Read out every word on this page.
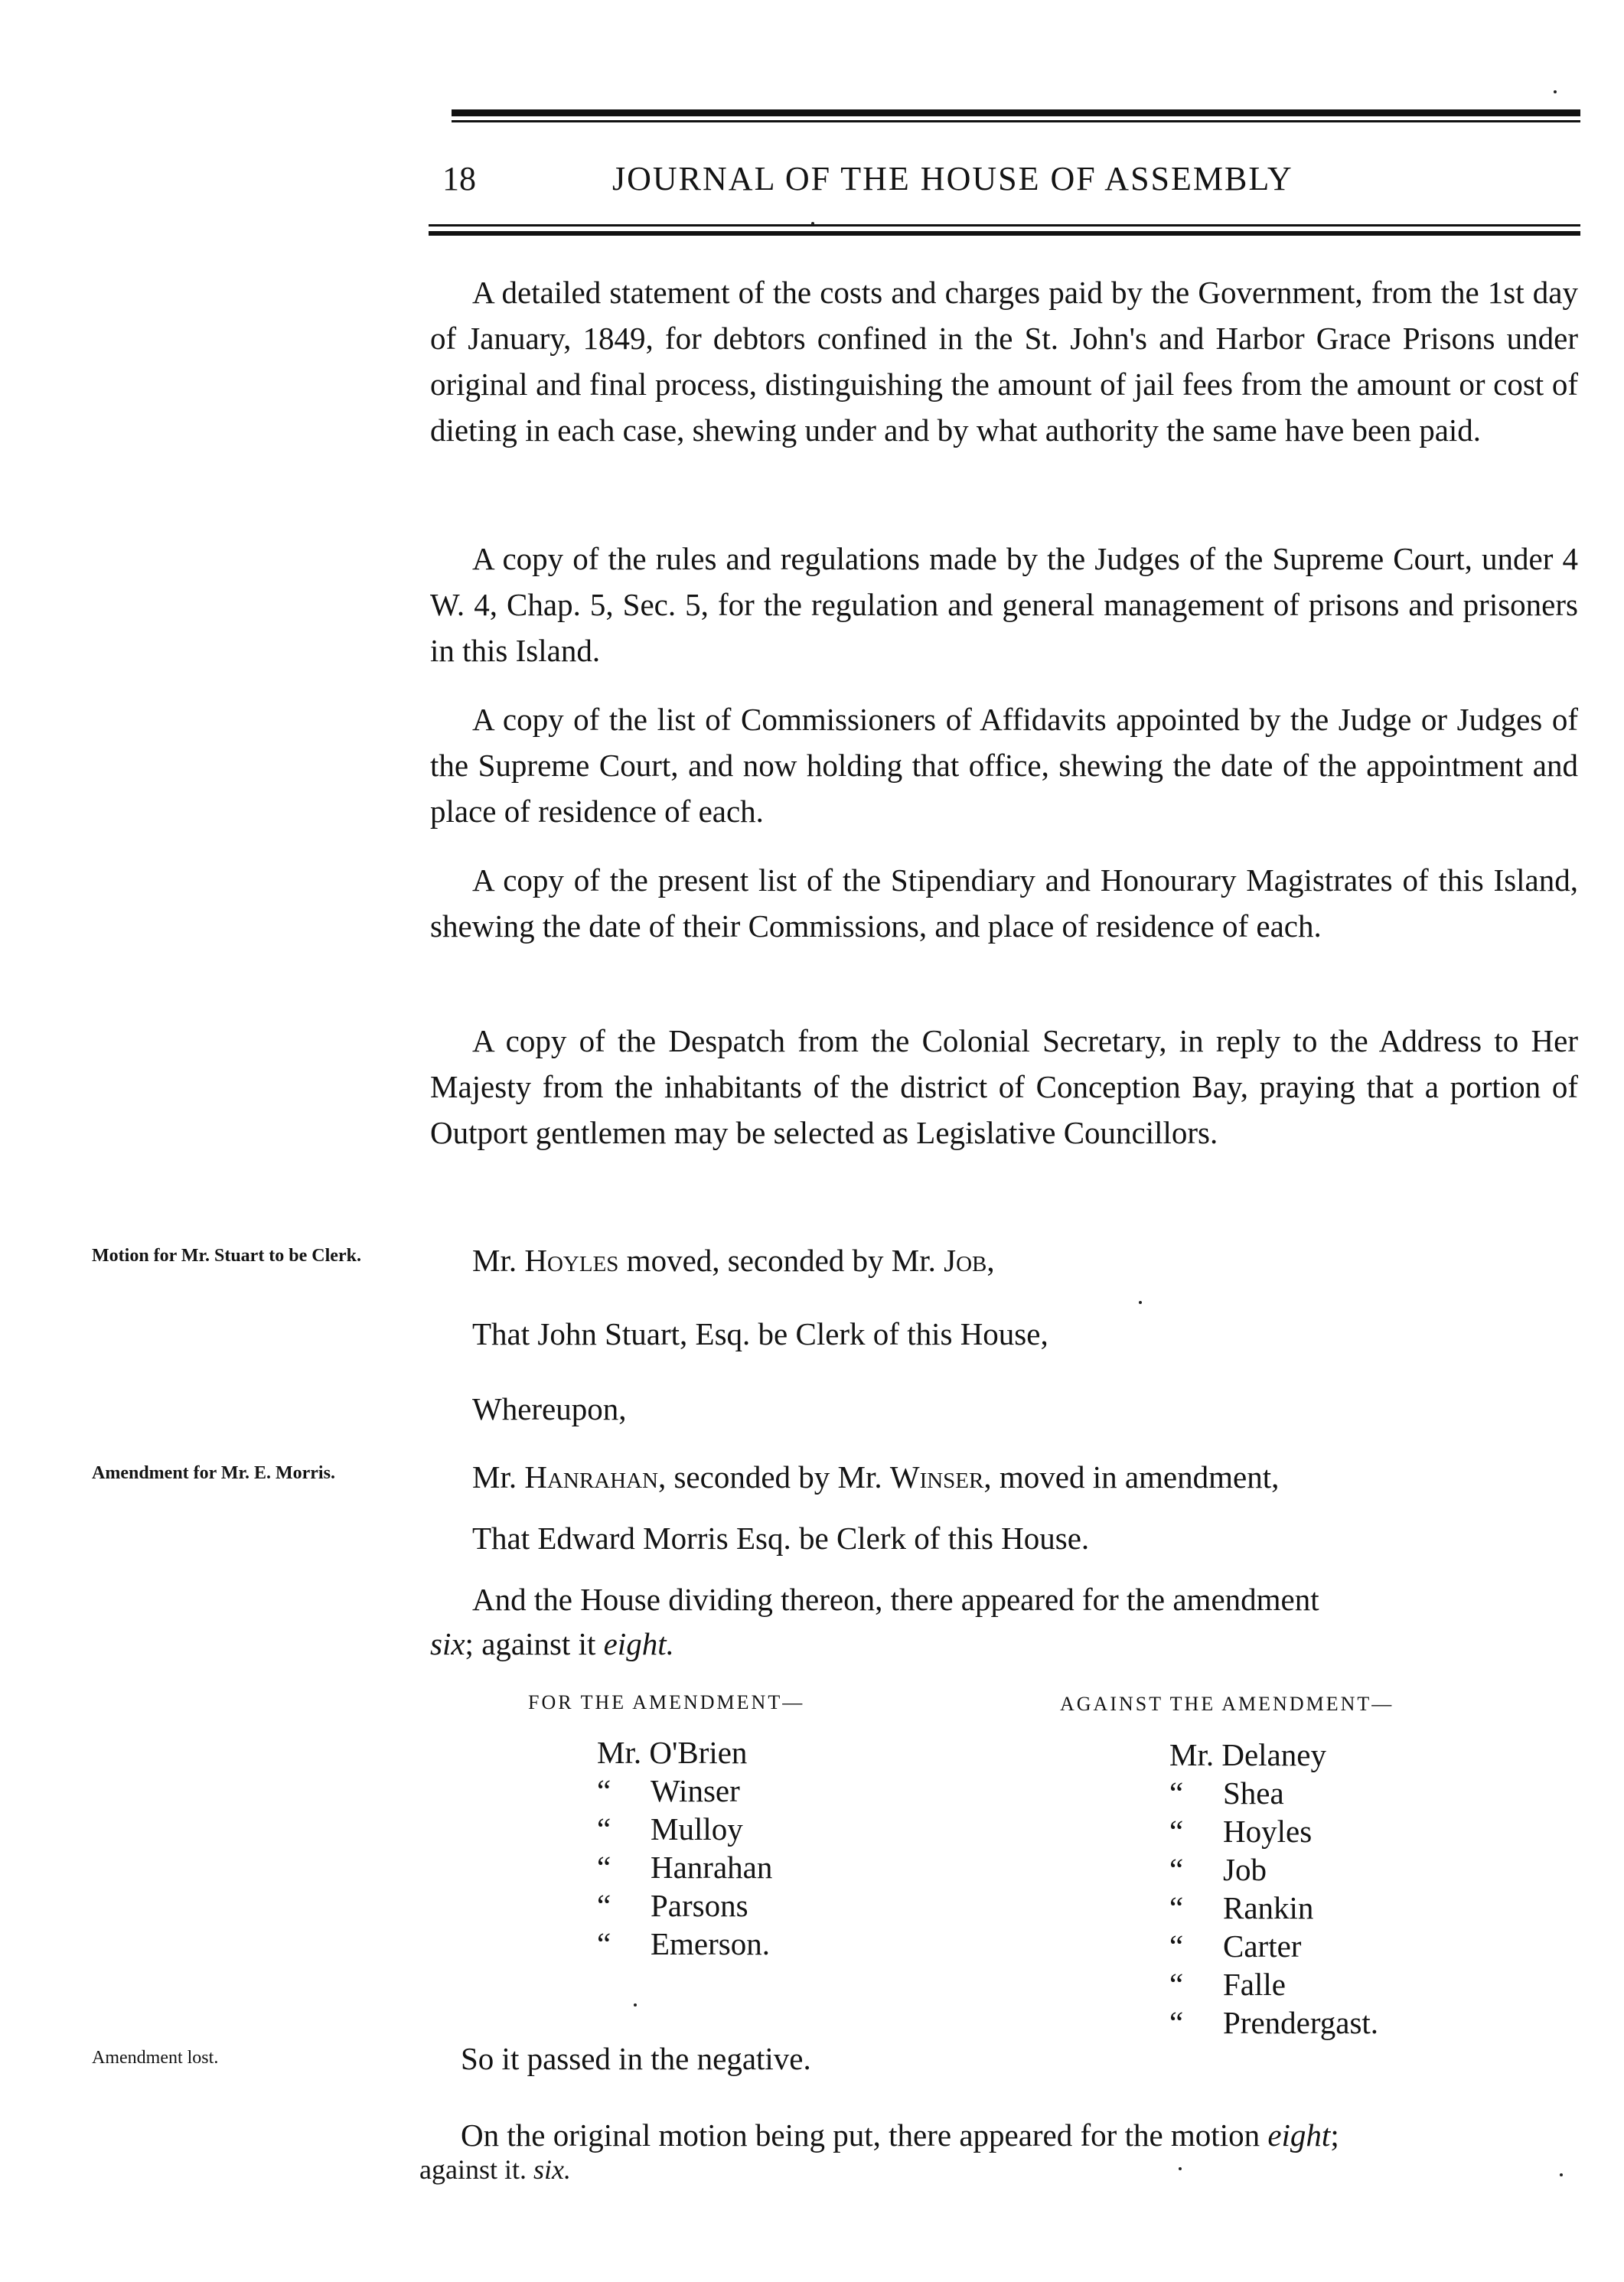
18	JOURNAL OF THE HOUSE OF ASSEMBLY
A detailed statement of the costs and charges paid by the Government, from the 1st day of January, 1849, for debtors confined in the St. John's and Harbor Grace Prisons under original and final process, distinguishing the amount of jail fees from the amount or cost of dieting in each case, shewing under and by what authority the same have been paid.
A copy of the rules and regulations made by the Judges of the Supreme Court, under 4 W. 4, Chap. 5, Sec. 5, for the regulation and general management of prisons and prisoners in this Island.
A copy of the list of Commissioners of Affidavits appointed by the Judge or Judges of the Supreme Court, and now holding that office, shewing the date of the appointment and place of residence of each.
A copy of the present list of the Stipendiary and Honourary Magistrates of this Island, shewing the date of their Commissions, and place of residence of each.
A copy of the Despatch from the Colonial Secretary, in reply to the Address to Her Majesty from the inhabitants of the district of Conception Bay, praying that a portion of Outport gentlemen may be selected as Legislative Councillors.
Motion for Mr. Stuart to be Clerk.	Mr. Hoyles moved, seconded by Mr. Job,
That John Stuart, Esq. be Clerk of this House,
Whereupon,
Amendment for Mr. E. Morris.	Mr. Hanrahan, seconded by Mr. Winser, moved in amendment,
That Edward Morris Esq. be Clerk of this House.
And the House dividing thereon, there appeared for the amendment
six; against it eight.
FOR THE AMENDMENT—	AGAINST THE AMENDMENT—
Mr. O'Brien
“ Winser
“ Mulloy
“ Hanrahan
“ Parsons
“ Emerson.
Mr. Delaney
“ Shea
“ Hoyles
“ Job
“ Rankin
“ Carter
“ Falle
“ Prendergast.
Amendment lost.	So it passed in the negative.
On the original motion being put, there appeared for the motion eight;
against it. six.
